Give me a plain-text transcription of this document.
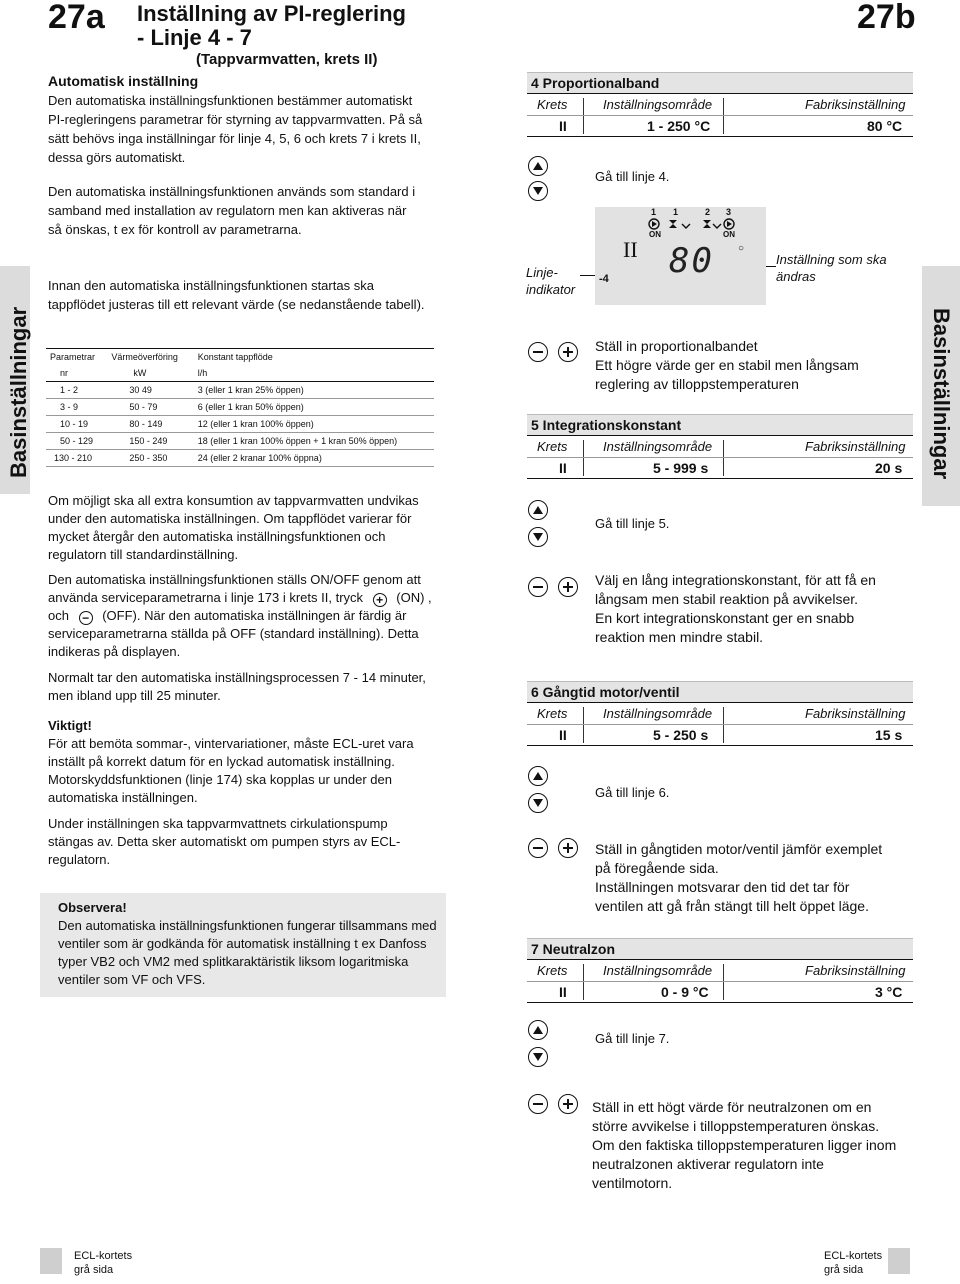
27a Inställning av PI-reglering
- Linje 4 - 7
(Tappvarmvatten, krets II)
27b
Basinställningar	Basinställningar
Automatisk inställning
Den automatiska inställningsfunktionen bestämmer automatiskt PI-regleringens parametrar för styrning av tappvarmvatten. På så sätt behövs inga inställningar för linje 4, 5, 6 och krets 7 i krets II, dessa görs automatiskt.
Den automatiska inställningsfunktionen används som standard i samband med installation av regulatorn men kan aktiveras när så önskas, t ex för kontroll av parametrarna.
Innan den automatiska inställningsfunktionen startas ska tappflödet justeras till ett relevant värde (se nedanstående tabell).
Parametrar	Värmeöverföring	Konstant tappflöde
nr	kW	l/h
1 - 2	30 49	3 (eller 1 kran 25% öppen)
3 - 9	50 - 79	6 (eller 1 kran 50% öppen)
10 - 19	80 - 149	12 (eller 1 kran 100% öppen)
50 - 129	150 - 249	18 (eller 1 kran 100% öppen + 1 kran 50% öppen)
130 - 210	250 - 350	24 (eller 2 kranar 100% öppna)
Om möjligt ska all extra konsumtion av tappvarmvatten undvikas under den automatiska inställningen. Om tappflödet varierar för mycket återgår den automatiska inställningsfunktionen och regulatorn till standardinställning.
Den automatiska inställningsfunktionen ställs ON/OFF genom att använda serviceparametrarna i linje 173 i krets II, tryck + (ON) ,
och − (OFF). När den automatiska inställningen är färdig är serviceparametrarna ställda på OFF (standard inställning). Detta indikeras på displayen.
Normalt tar den automatiska inställningsprocessen 7 - 14 minuter, men ibland upp till 25 minuter.
Viktigt!
För att bemöta sommar-, vintervariationer, måste ECL-uret vara inställt på korrekt datum för en lyckad automatisk inställning. Motorskyddsfunktionen (linje 174) ska kopplas ur under den automatiska inställningen.
Under inställningen ska tappvarmvattnets cirkulationspump stängas av. Detta sker automatiskt om pumpen styrs av ECL-regulatorn.
Observera!
Den automatiska inställningsfunktionen fungerar tillsammans med ventiler som är godkända för automatisk inställning t ex Danfoss typer VB2 och VM2 med splitkaraktäristik liksom logaritmiska ventiler som VF och VFS.
4 Proportionalband
Krets	Inställningsområde	Fabriksinställning
II	1 - 250 °C	80 °C
Gå till linje 4.
Linje-
indikator
II
-4
1 1	2 3
ON	ON
80 ○
Inställning som ska
ändras
Ställ in proportionalbandet
Ett högre värde ger en stabil men långsam
reglering av tilloppstemperaturen
5 Integrationskonstant
Krets	Inställningsområde	Fabriksinställning
II	5 - 999 s	20 s
Gå till linje 5.
Välj en lång integrationskonstant, för att få en
långsam men stabil reaktion på avvikelser.
En kort integrationskonstant ger en snabb
reaktion men mindre stabil.
6 Gångtid motor/ventil
Krets	Inställningsområde	Fabriksinställning
II	5 - 250 s	15 s
Gå till linje 6.
Ställ in gångtiden motor/ventil jämför exemplet
på föregående sida.
Inställningen motsvarar den tid det tar för
ventilen att gå från stängt till helt öppet läge.
7 Neutralzon
Krets	Inställningsområde	Fabriksinställning
II	0 - 9 °C	3 °C
Gå till linje 7.
Ställ in ett högt värde för neutralzonen om en
större avvikelse i tilloppstemperaturen önskas.
Om den faktiska tilloppstemperaturen ligger inom
neutralzonen aktiverar regulatorn inte
ventilmotorn.
ECL-kortets
grå sida
ECL-kortets
grå sida
